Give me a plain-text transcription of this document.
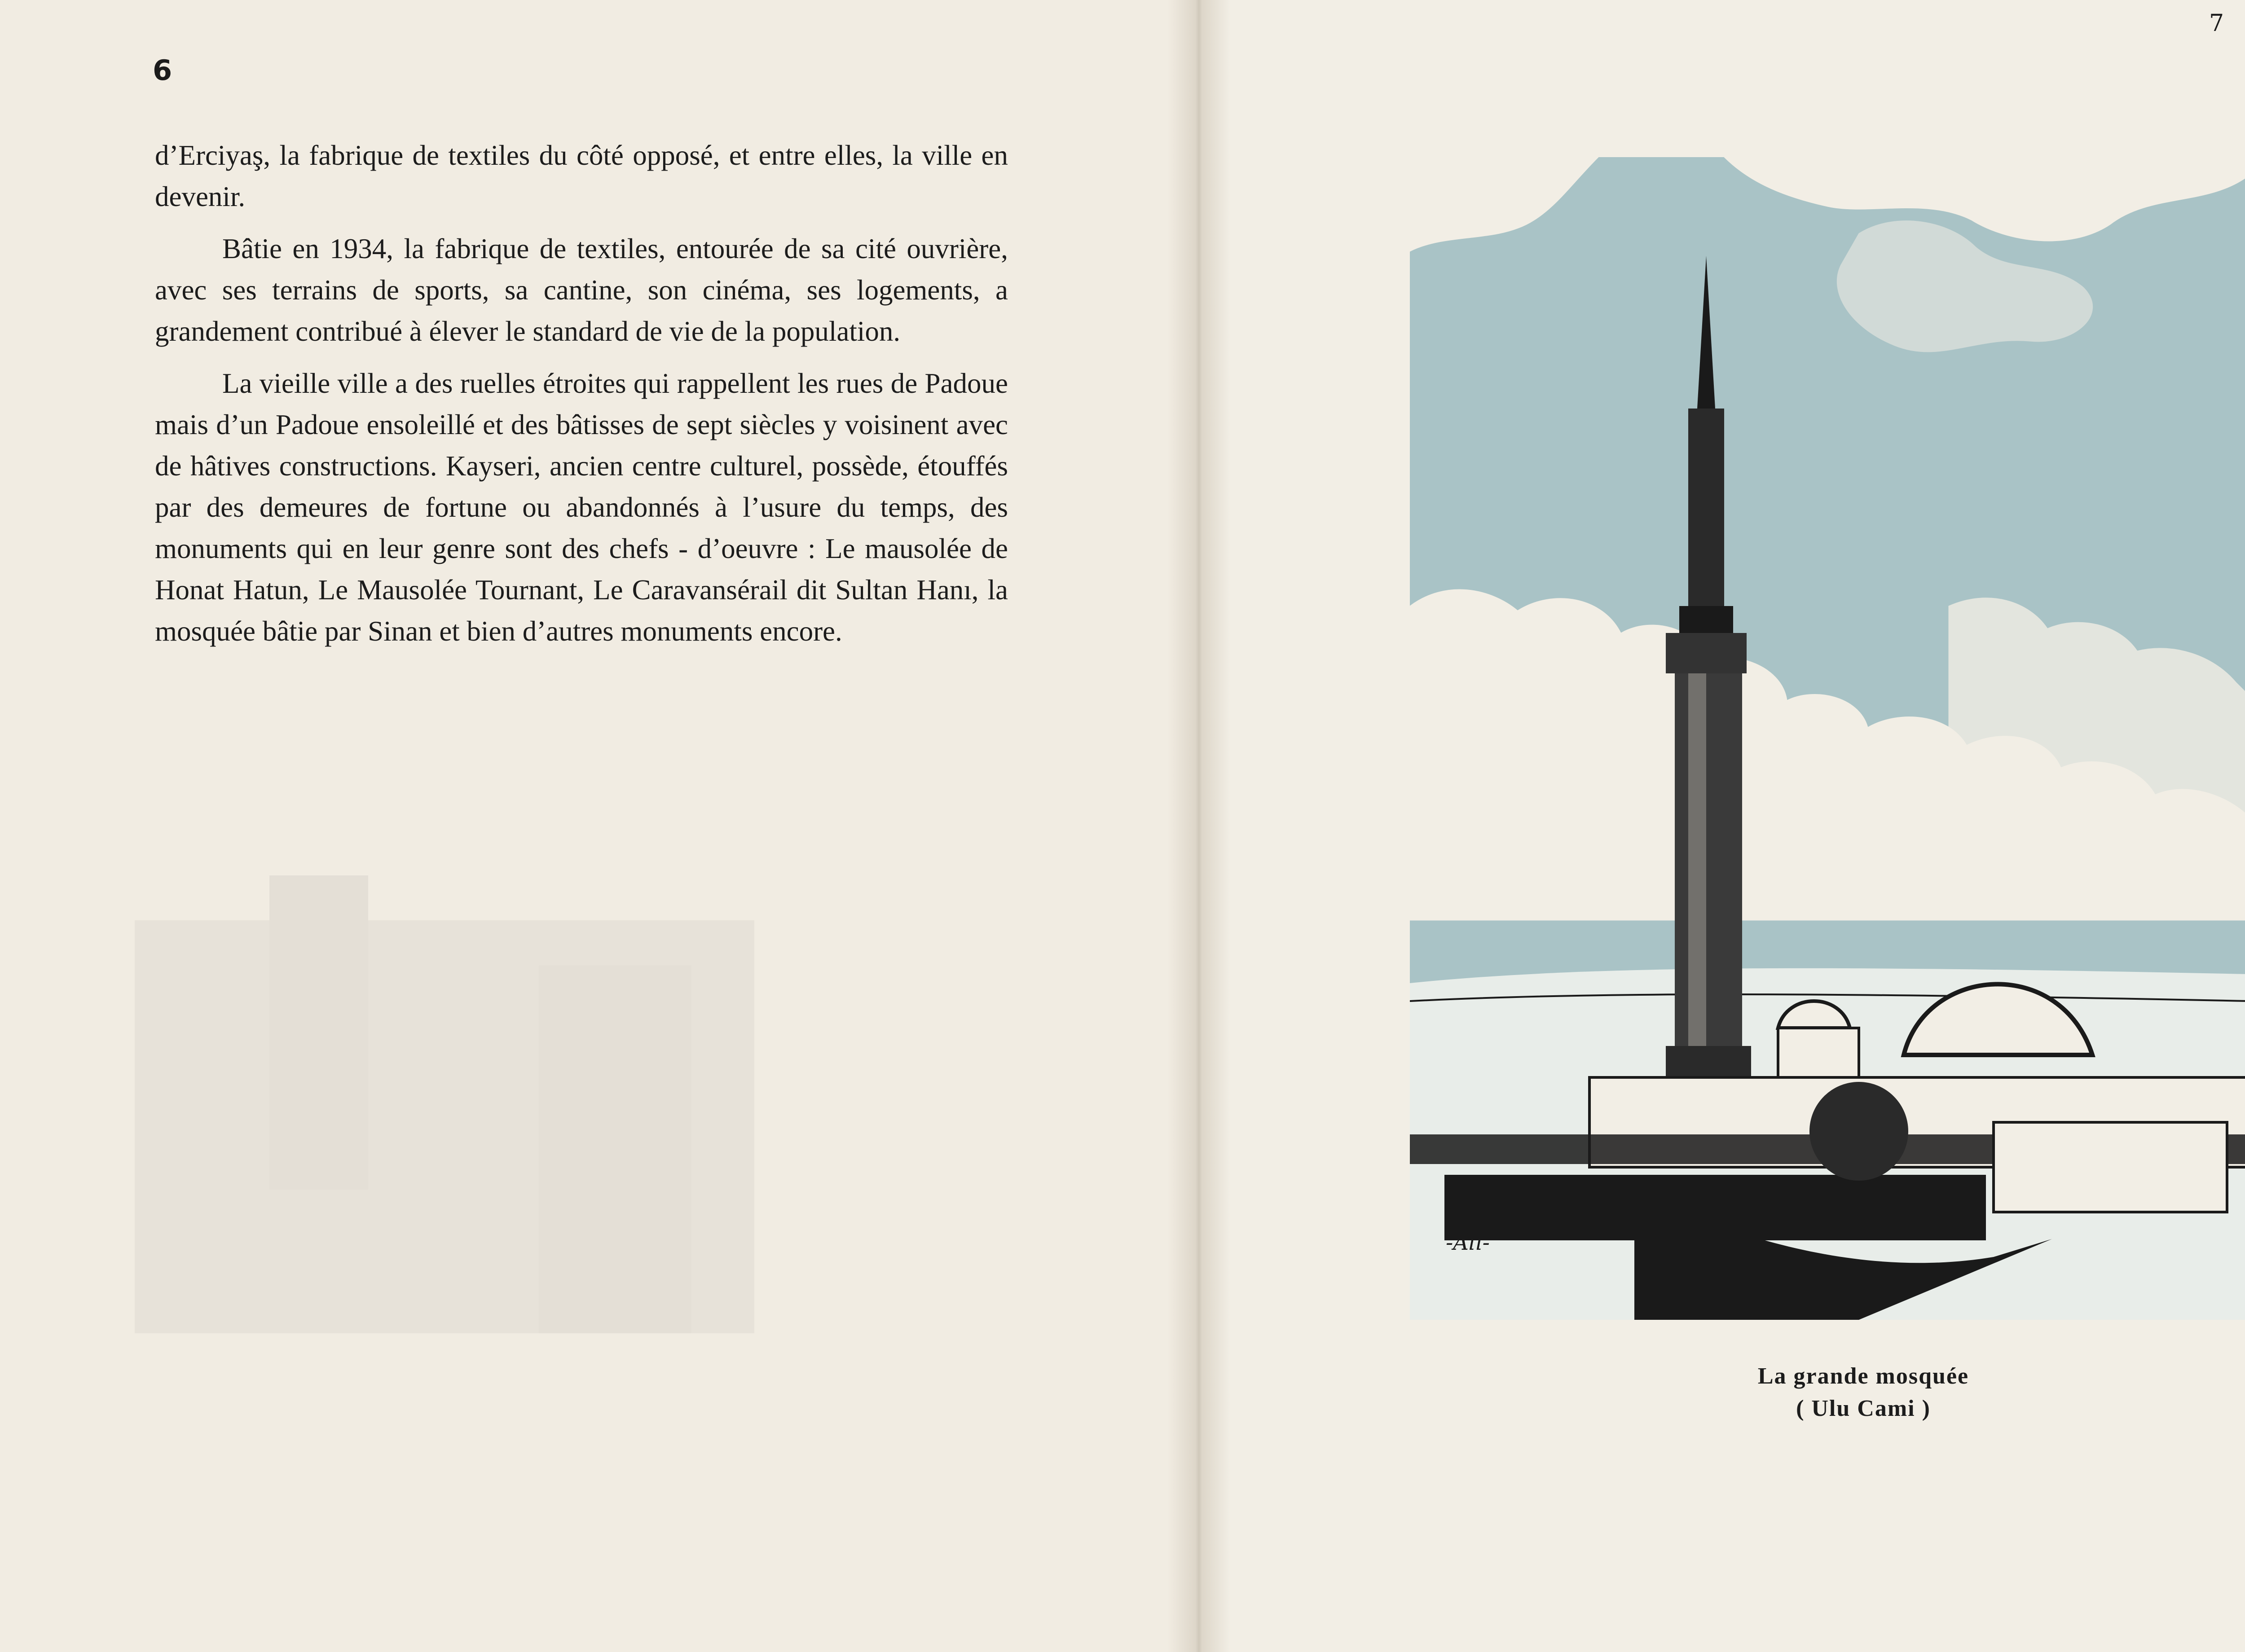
6

d’Erciyaş, la fabrique de textiles du côté opposé, et entre elles, la ville en devenir.

Bâtie en 1934, la fabrique de textiles, entourée de sa cité ouvrière, avec ses terrains de sports, sa cantine, son cinéma, ses logements, a grandement contribué à élever le standard de vie de la population.

La vieille ville a des ruelles étroites qui rappellent les rues de Padoue mais d’un Padoue ensoleillé et des bâtisses de sept siècles y voisinent avec de hâtives constructions. Kayseri, ancien centre culturel, possède, étouffés par des demeures de fortune ou abandonnés à l’usure du temps, des monuments qui en leur genre sont des chefs - d’oeuvre : Le mausolée de Honat Hatun, Le Mausolée Tournant, Le Caravansérail dit Sultan Hanı, la mosquée bâtie par Sinan et bien d’autres monuments encore.

7
-Ali-
La grande mosquée
( Ulu Cami )
